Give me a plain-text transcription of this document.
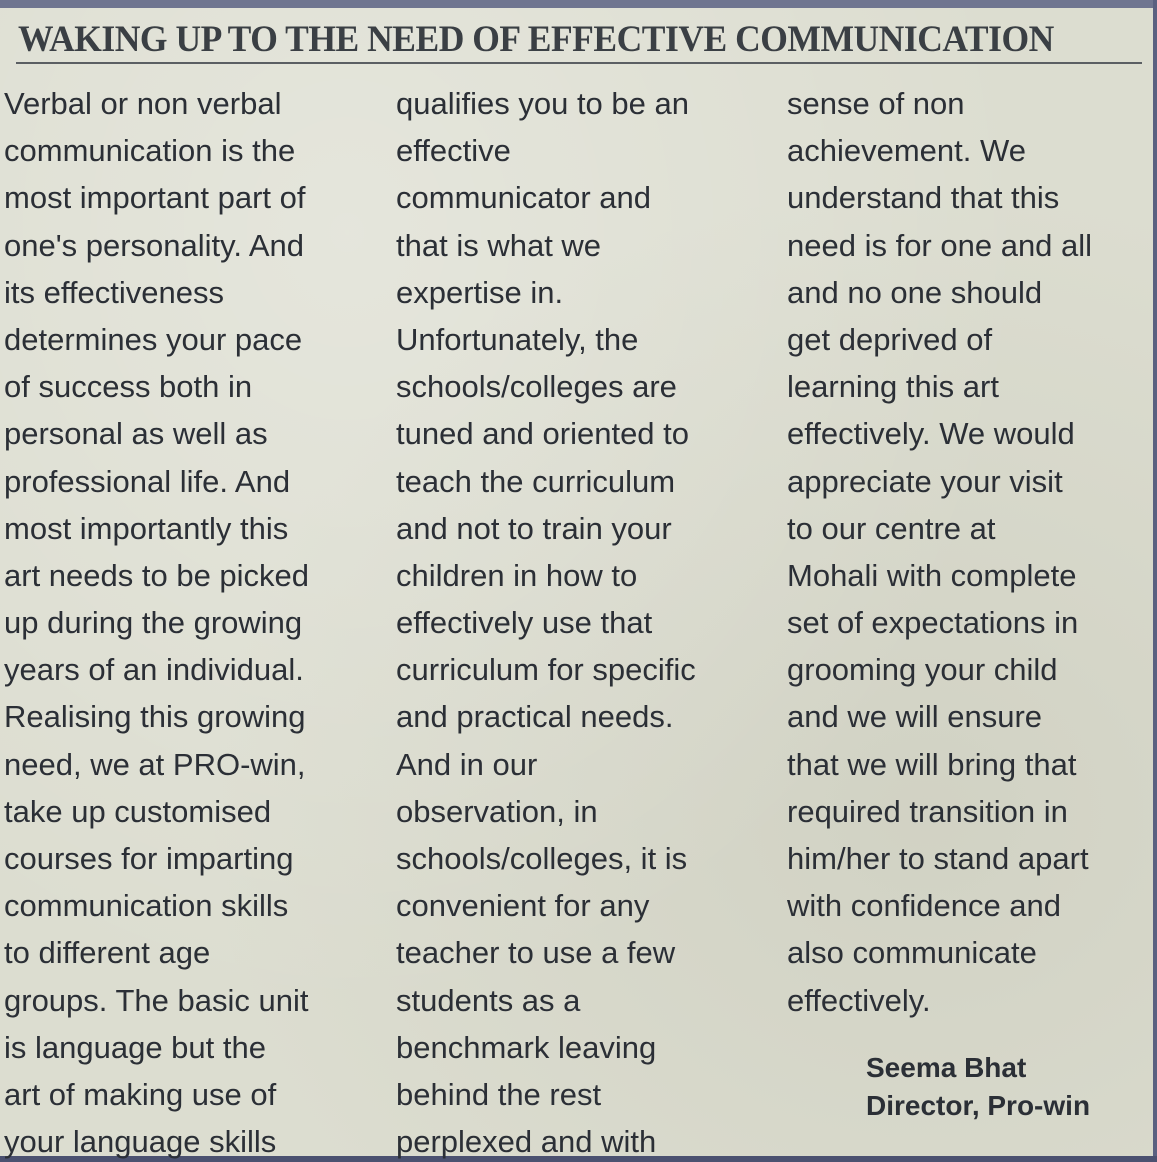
WAKING UP TO THE NEED OF EFFECTIVE COMMUNICATION
Verbal or non verbal
communication is the
most important part of
one's personality. And
its effectiveness
determines your pace
of success both in
personal as well as
professional life. And
most importantly this
art needs to be picked
up during the growing
years of an individual.
Realising this growing
need, we at PRO-win,
take up customised
courses for imparting
communication skills
to different age
groups. The basic unit
is language but the
art of making use of
your language skills
qualifies you to be an
effective
communicator and
that is what we
expertise in.
Unfortunately, the
schools/colleges are
tuned and oriented to
teach the curriculum
and not to train your
children in how to
effectively use that
curriculum for specific
and practical needs.
And in our
observation, in
schools/colleges, it is
convenient for any
teacher to use a few
students as a
benchmark leaving
behind the rest
perplexed and with
sense of non
achievement. We
understand that this
need is for one and all
and no one should
get deprived of
learning this art
effectively. We would
appreciate your visit
to our centre at
Mohali with complete
set of expectations in
grooming your child
and we will ensure
that we will bring that
required transition in
him/her to stand apart
with confidence and
also communicate
effectively.
Seema Bhat
Director, Pro-win
